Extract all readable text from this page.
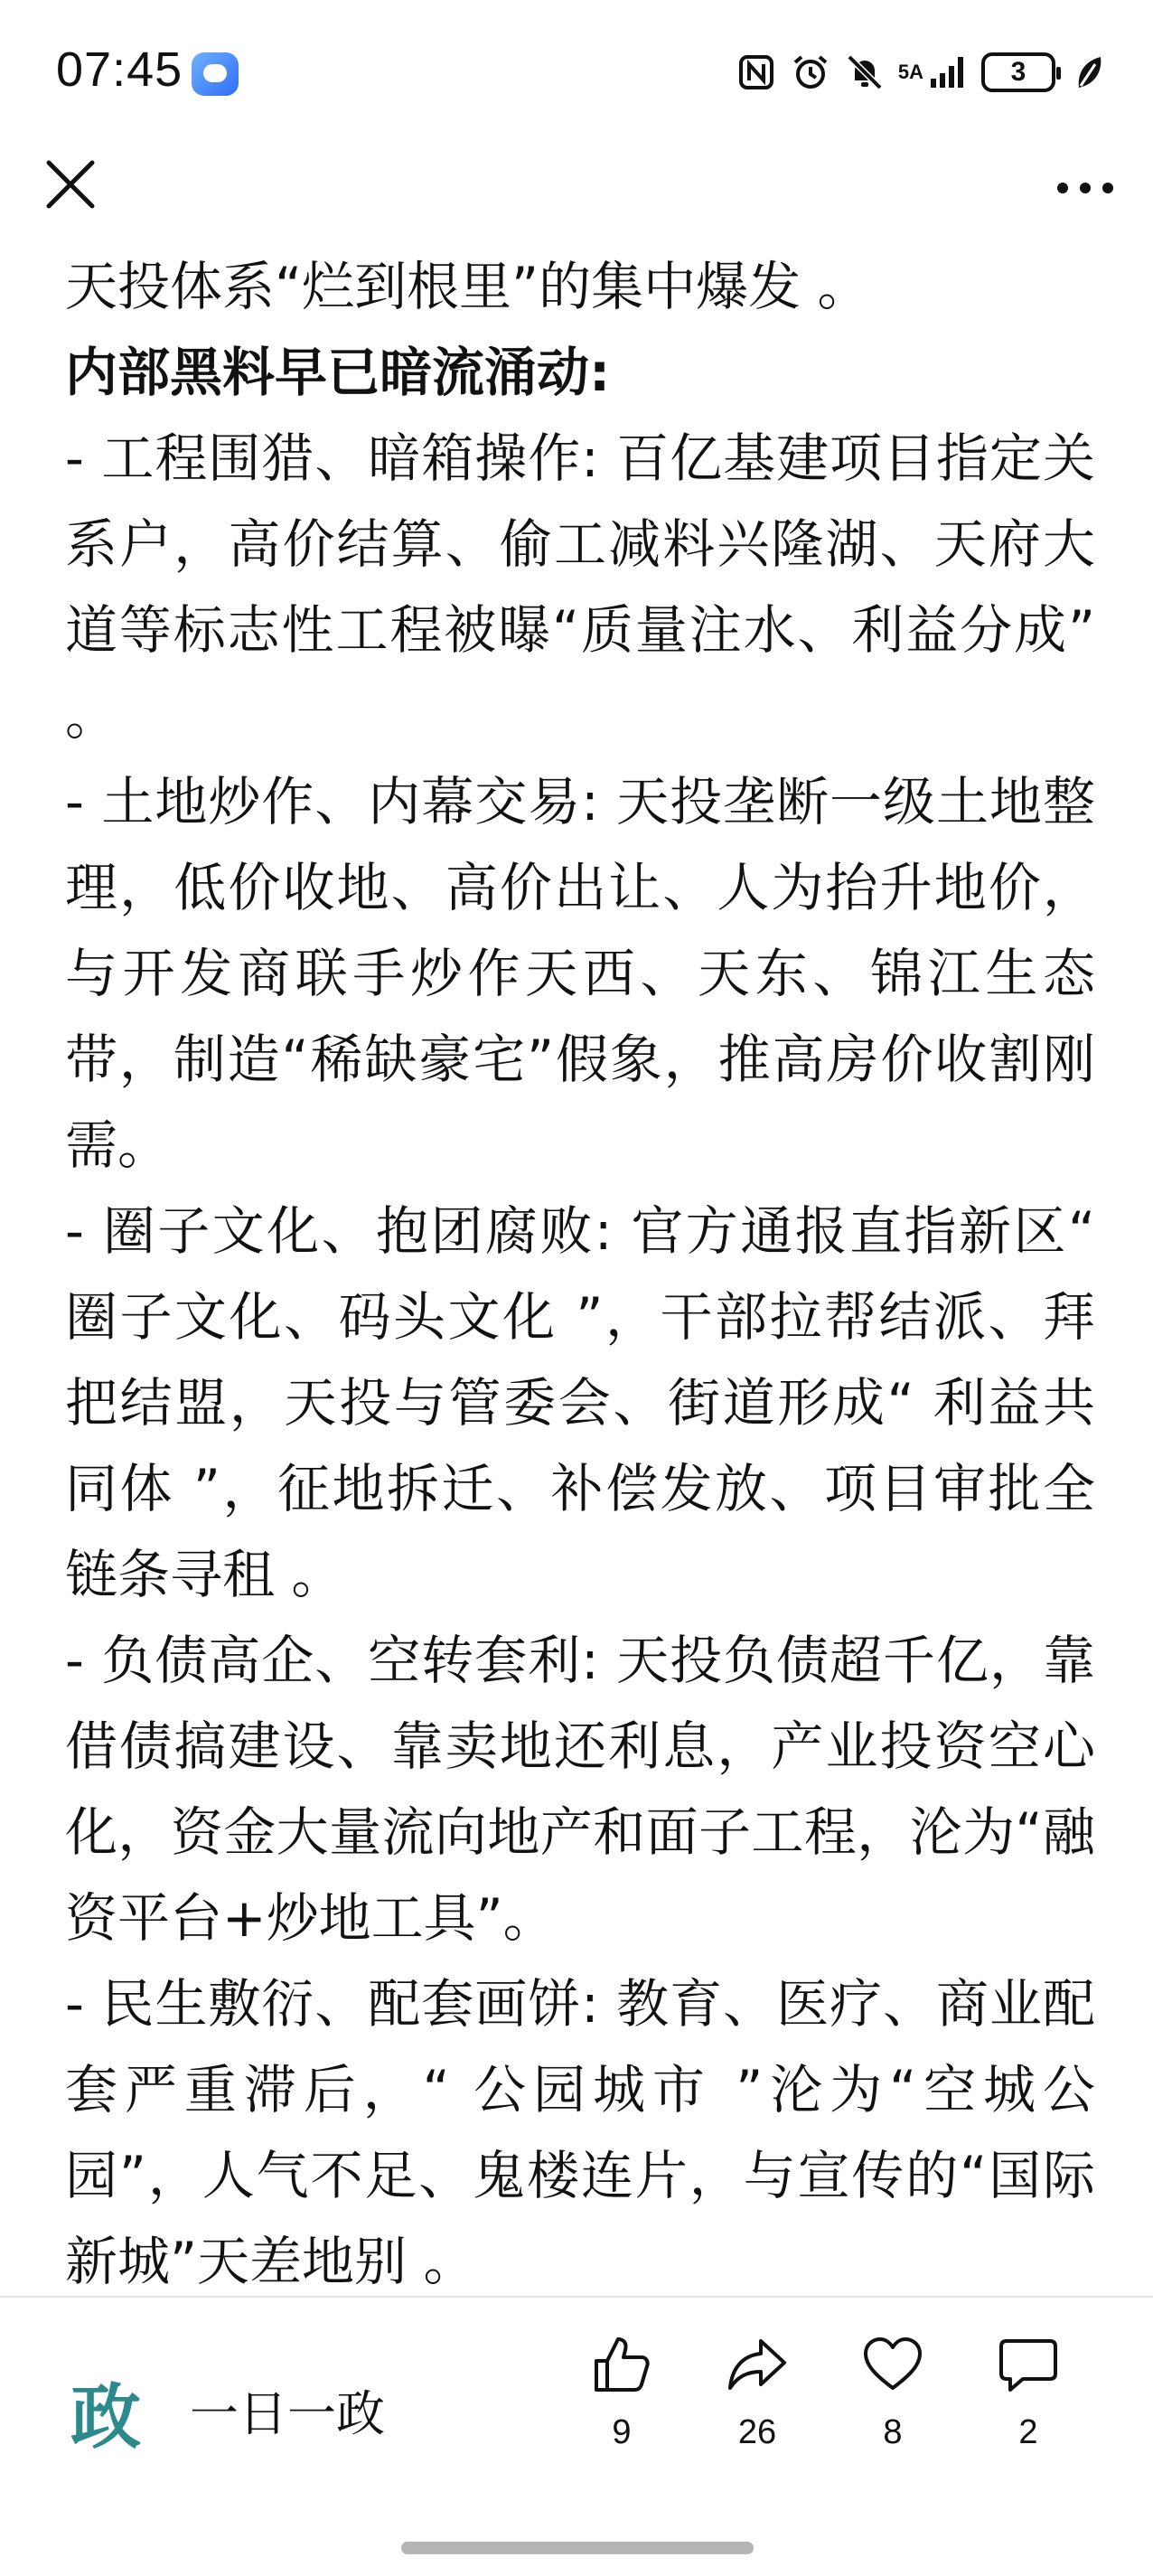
07:45	5A	3

天投体系“烂到根里”的集中爆发 。

内部黑料早已暗流涌动:

- 工程围猎、暗箱操作: 百亿基建项目指定关系户，高价结算、偷工减料兴隆湖、天府大道等标志性工程被曝“质量注水、利益分成” 。

- 土地炒作、内幕交易: 天投垄断一级土地整理，低价收地、高价出让、人为抬升地价，与开发商联手炒作天西、天东、锦江生态带，制造“稀缺豪宅”假象，推高房价收割刚需。

- 圈子文化、抱团腐败: 官方通报直指新区“ 圈子文化、码头文化 ”，干部拉帮结派、拜把结盟，天投与管委会、街道形成“ 利益共同体 ”，征地拆迁、补偿发放、项目审批全链条寻租 。

- 负债高企、空转套利: 天投负债超千亿，靠借债搞建设、靠卖地还利息，产业投资空心化，资金大量流向地产和面子工程，沦为“融资平台+炒地工具”。

- 民生敷衍、配套画饼: 教育、医疗、商业配套严重滞后，“ 公园城市 ”沦为“空城公园”，人气不足、鬼楼连片，与宣传的“国际新城”天差地别 。

政 一日一政	9	26	8	2
